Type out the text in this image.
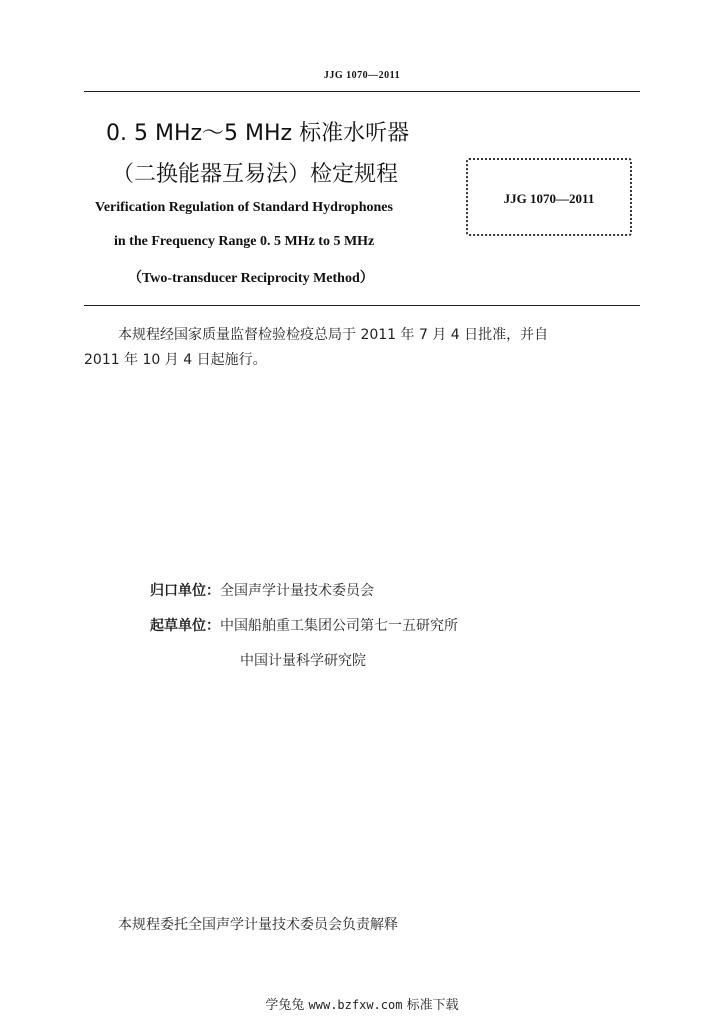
JJG 1070—2011
0. 5 MHz～5 MHz 标准水听器
（二换能器互易法）检定规程
JJG 1070—2011
Verification Regulation of Standard Hydrophones
in the Frequency Range 0. 5 MHz to 5 MHz
（Two-transducer Reciprocity Method）
本规程经国家质量监督检验检疫总局于 2011 年 7 月 4 日批准，并自
2011 年 10 月 4 日起施行。
归口单位：全国声学计量技术委员会
起草单位：中国船舶重工集团公司第七一五研究所
中国计量科学研究院
本规程委托全国声学计量技术委员会负责解释
学兔兔 www.bzfxw.com 标准下载
